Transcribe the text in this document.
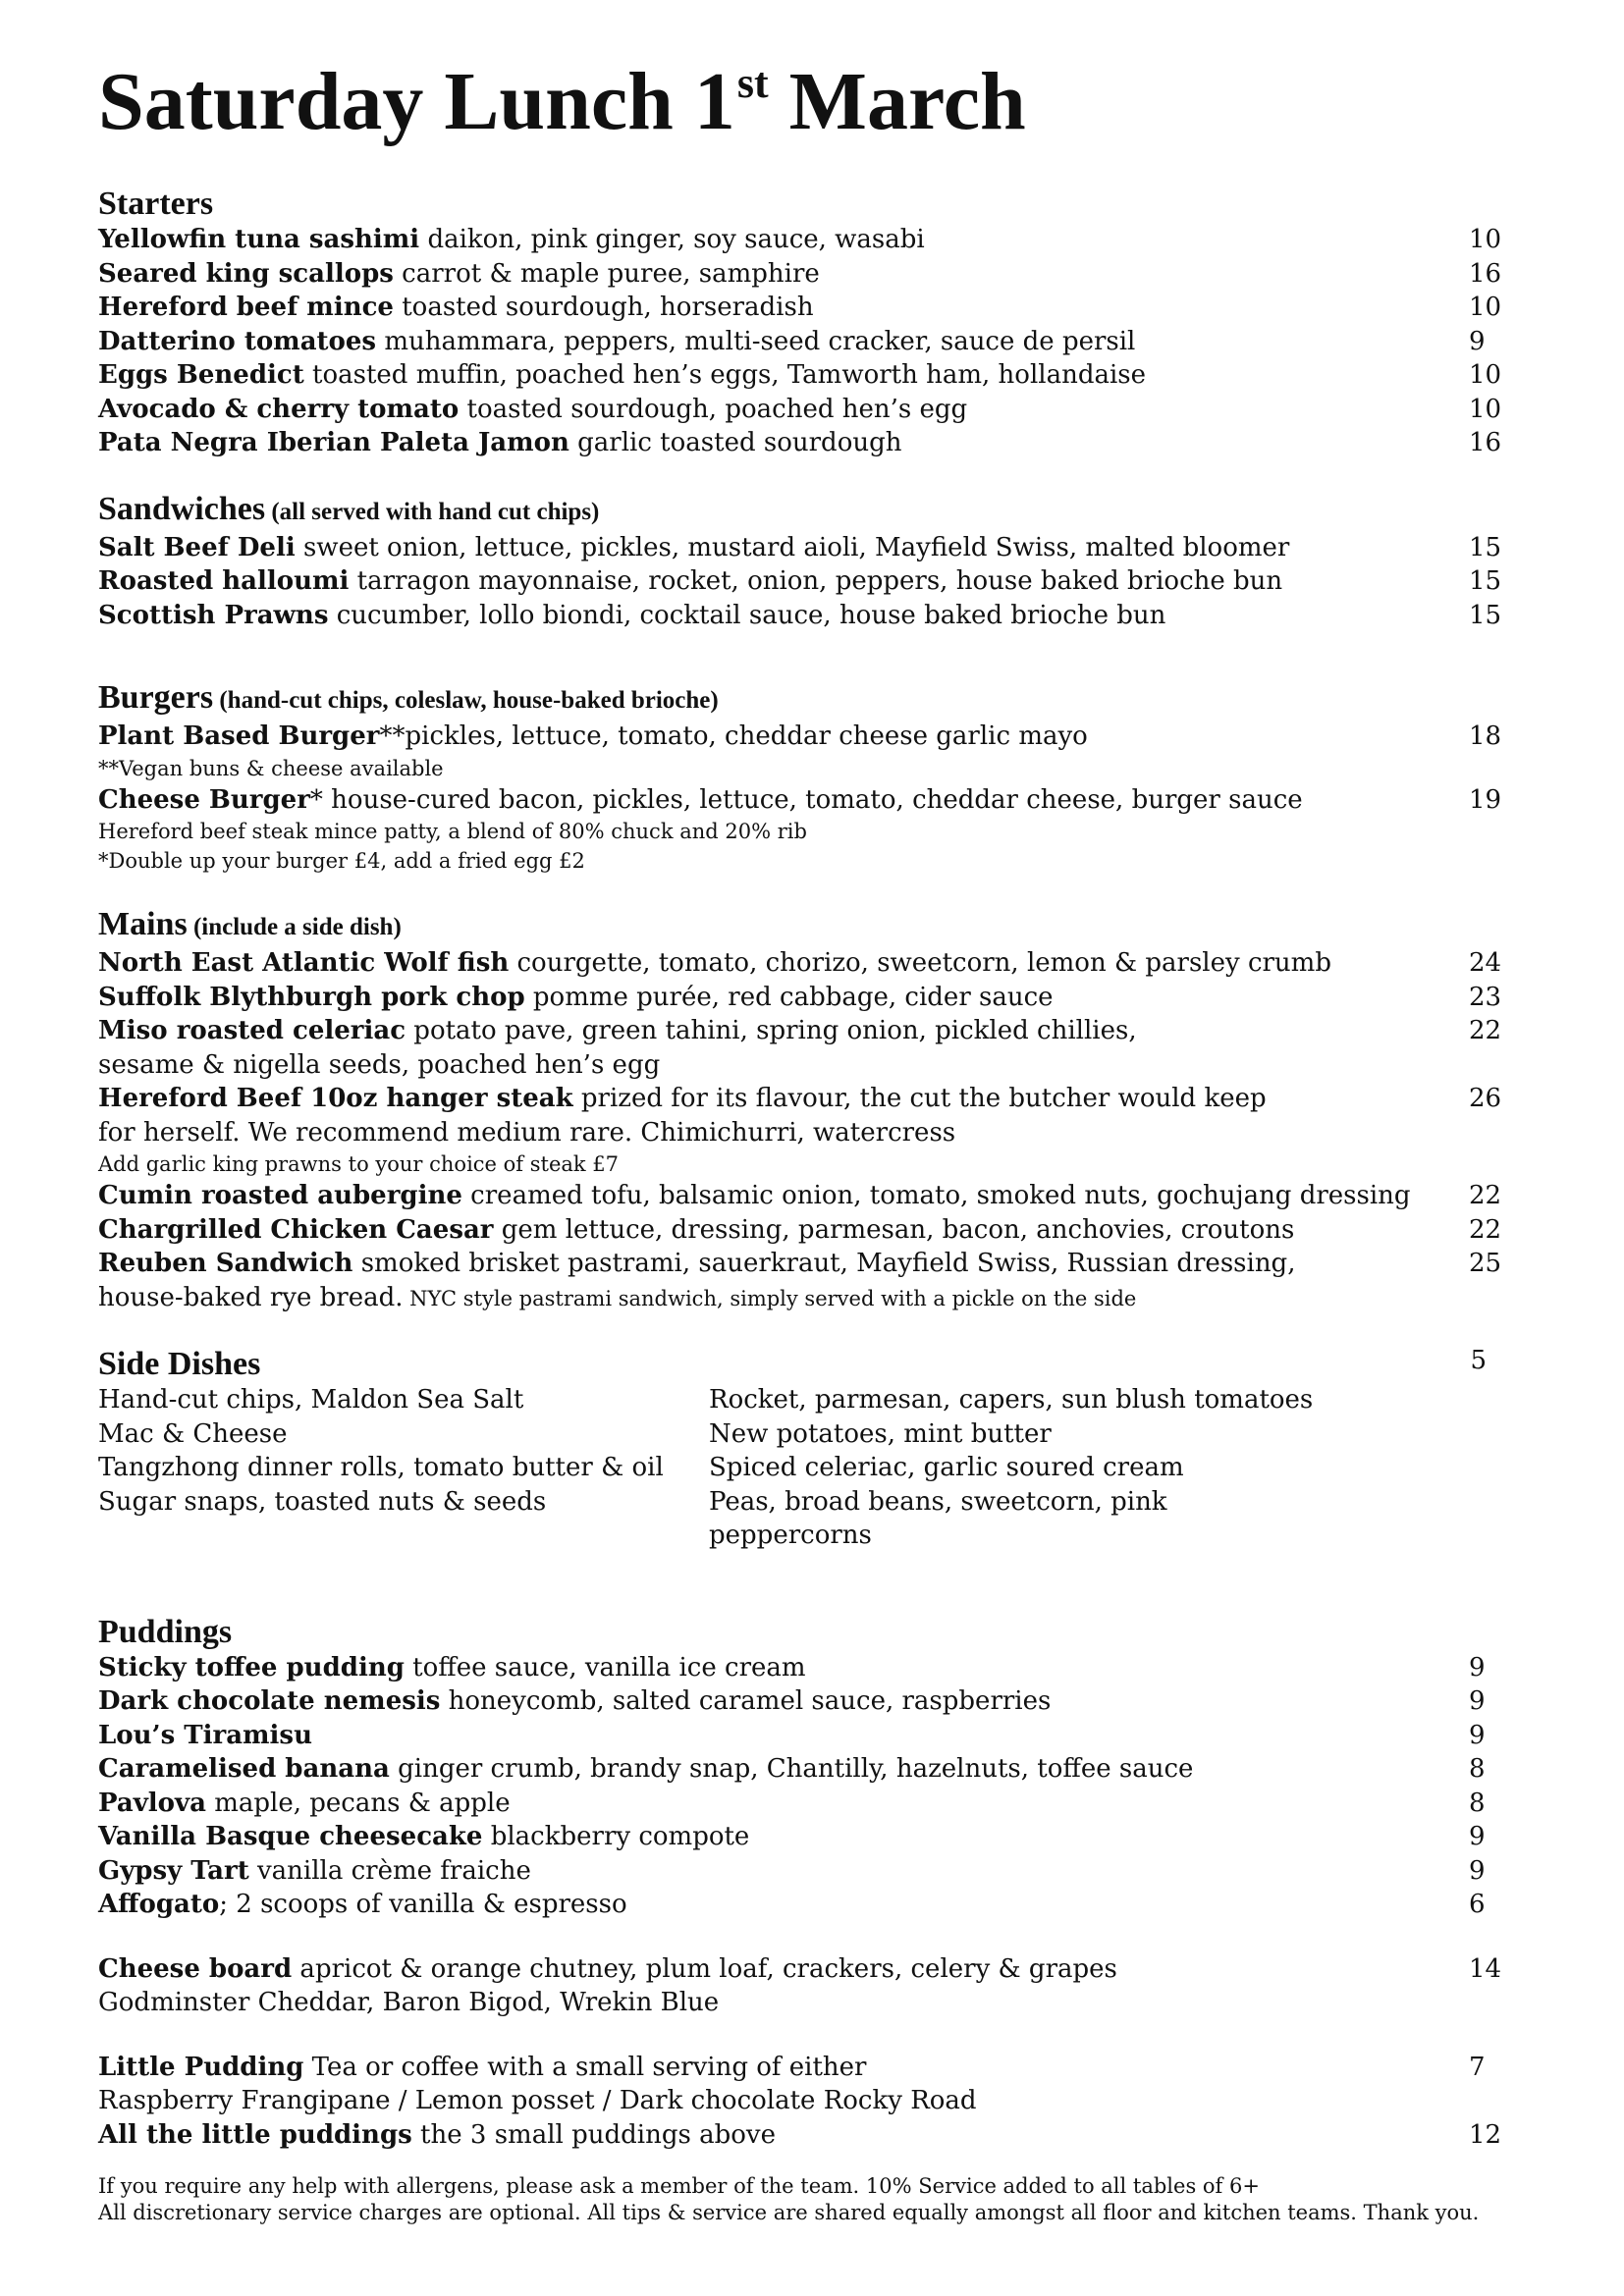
Saturday Lunch 1st March
Starters
Yellowfin tuna sashimi daikon, pink ginger, soy sauce, wasabi	10
Seared king scallops carrot & maple puree, samphire	16
Hereford beef mince toasted sourdough, horseradish	10
Datterino tomatoes muhammara, peppers, multi-seed cracker, sauce de persil	9
Eggs Benedict toasted muffin, poached hen’s eggs, Tamworth ham, hollandaise	10
Avocado & cherry tomato toasted sourdough, poached hen’s egg	10
Pata Negra Iberian Paleta Jamon garlic toasted sourdough	16
Sandwiches (all served with hand cut chips)
Salt Beef Deli sweet onion, lettuce, pickles, mustard aioli, Mayfield Swiss, malted bloomer	15
Roasted halloumi tarragon mayonnaise, rocket, onion, peppers, house baked brioche bun	15
Scottish Prawns cucumber, lollo biondi, cocktail sauce, house baked brioche bun	15
Burgers (hand-cut chips, coleslaw, house-baked brioche)
Plant Based Burger**pickles, lettuce, tomato, cheddar cheese garlic mayo	18
**Vegan buns & cheese available
Cheese Burger* house-cured bacon, pickles, lettuce, tomato, cheddar cheese, burger sauce	19
Hereford beef steak mince patty, a blend of 80% chuck and 20% rib
*Double up your burger £4, add a fried egg £2
Mains (include a side dish)
North East Atlantic Wolf fish courgette, tomato, chorizo, sweetcorn, lemon & parsley crumb	24
Suffolk Blythburgh pork chop pomme purée, red cabbage, cider sauce	23
Miso roasted celeriac potato pave, green tahini, spring onion, pickled chillies,	22
sesame & nigella seeds, poached hen’s egg
Hereford Beef 10oz hanger steak prized for its flavour, the cut the butcher would keep	26
for herself. We recommend medium rare. Chimichurri, watercress
Add garlic king prawns to your choice of steak £7
Cumin roasted aubergine creamed tofu, balsamic onion, tomato, smoked nuts, gochujang dressing 22
Chargrilled Chicken Caesar gem lettuce, dressing, parmesan, bacon, anchovies, croutons	22
Reuben Sandwich smoked brisket pastrami, sauerkraut, Mayfield Swiss, Russian dressing,	25
house-baked rye bread. NYC style pastrami sandwich, simply served with a pickle on the side
Side Dishes	5
Hand-cut chips, Maldon Sea Salt
Mac & Cheese
Tangzhong dinner rolls, tomato butter & oil
Sugar snaps, toasted nuts & seeds
Rocket, parmesan, capers, sun blush tomatoes
New potatoes, mint butter
Spiced celeriac, garlic soured cream
Peas, broad beans, sweetcorn, pink peppercorns
Puddings
Sticky toffee pudding toffee sauce, vanilla ice cream	9
Dark chocolate nemesis honeycomb, salted caramel sauce, raspberries	9
Lou’s Tiramisu	9
Caramelised banana ginger crumb, brandy snap, Chantilly, hazelnuts, toffee sauce	8
Pavlova maple, pecans & apple	8
Vanilla Basque cheesecake blackberry compote	9
Gypsy Tart vanilla crème fraiche	9
Affogato; 2 scoops of vanilla & espresso	6
Cheese board apricot & orange chutney, plum loaf, crackers, celery & grapes	14
Godminster Cheddar, Baron Bigod, Wrekin Blue
Little Pudding Tea or coffee with a small serving of either	7
Raspberry Frangipane / Lemon posset / Dark chocolate Rocky Road
All the little puddings the 3 small puddings above	12
If you require any help with allergens, please ask a member of the team. 10% Service added to all tables of 6+
All discretionary service charges are optional. All tips & service are shared equally amongst all floor and kitchen teams. Thank you.
